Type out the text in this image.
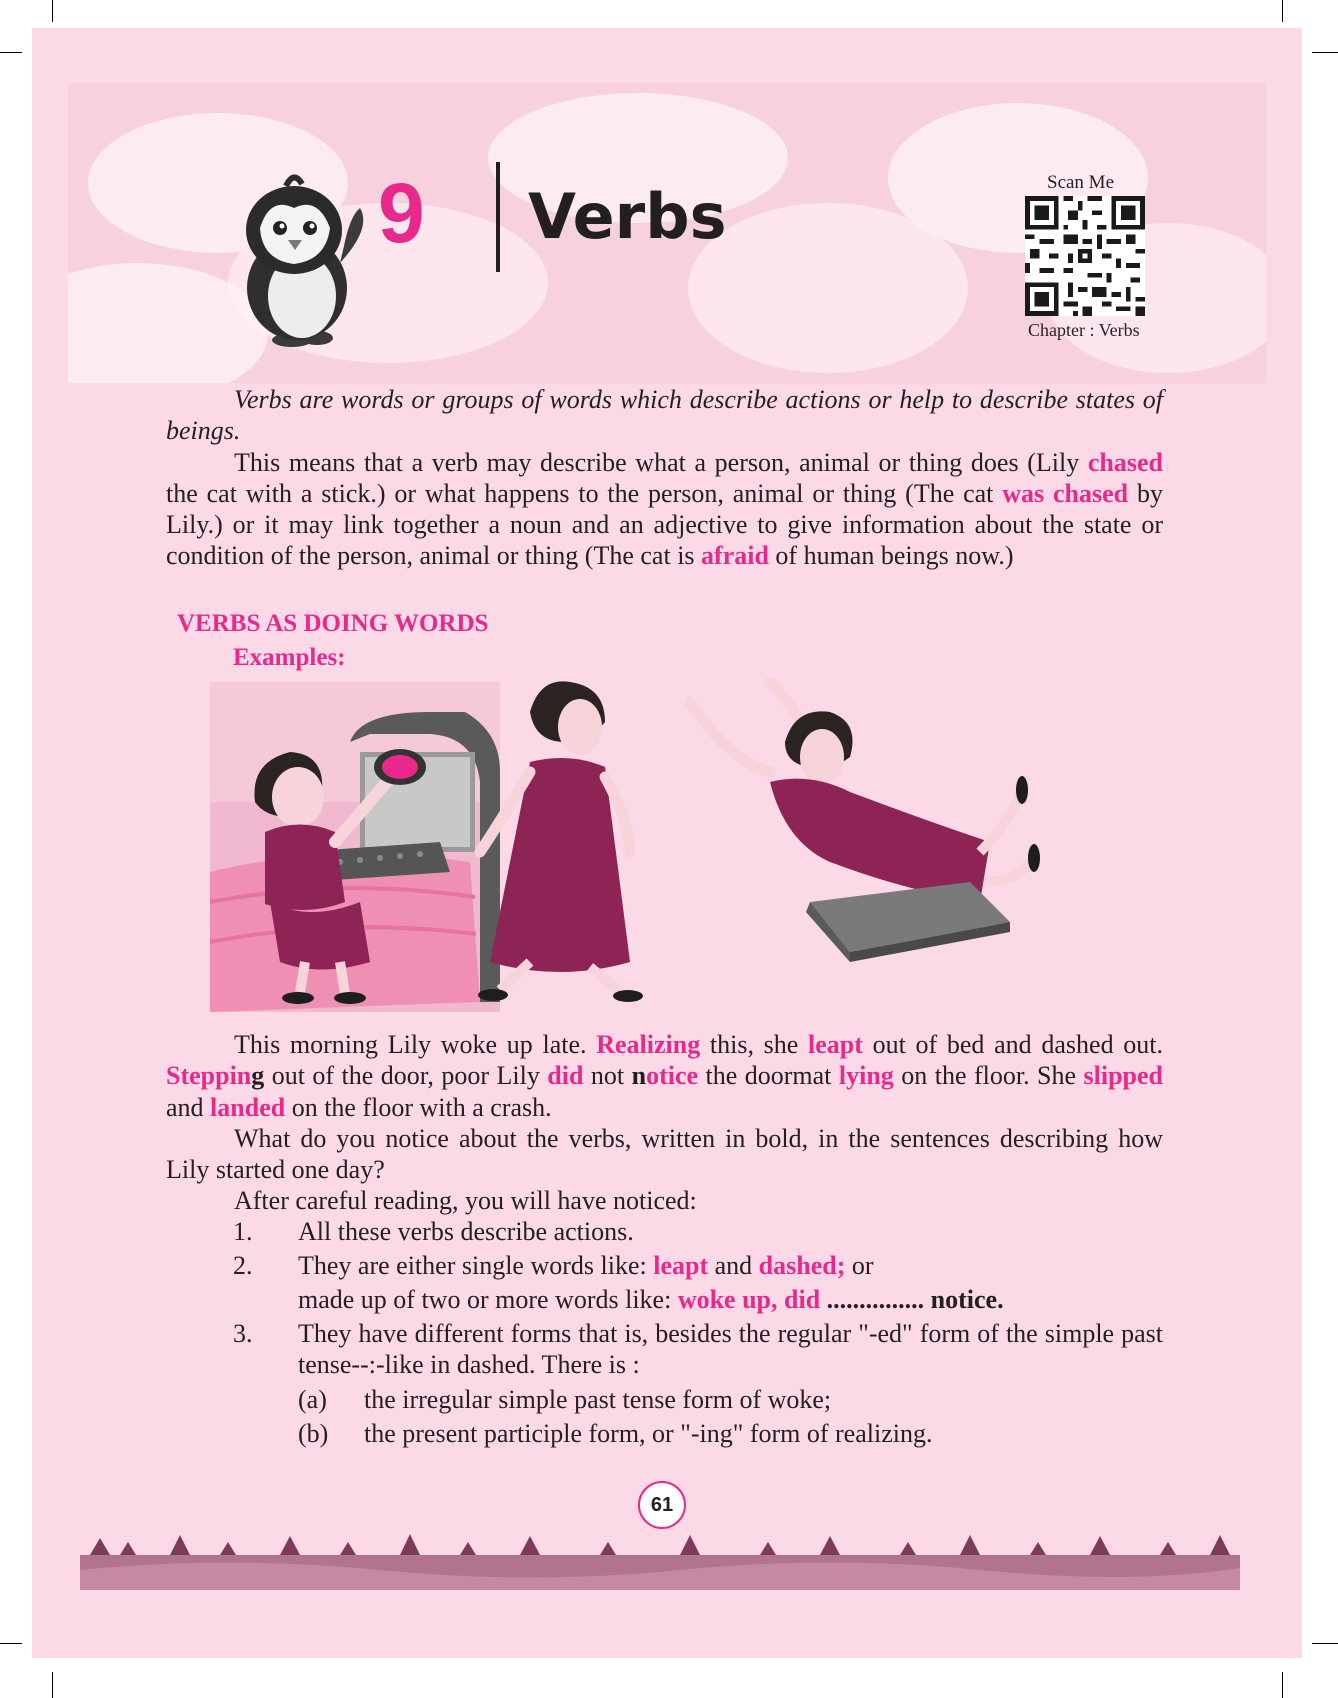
9 Verbs	Scan Me
Chapter : Verbs

Verbs are words or groups of words which describe actions or help to describe states of beings.

This means that a verb may describe what a person, animal or thing does (Lily chased the cat with a stick.) or what happens to the person, animal or thing (The cat was chased by Lily.) or it may link together a noun and an adjective to give information about the state or condition of the person, animal or thing (The cat is afraid of human beings now.)

VERBS AS DOING WORDS
Examples:

This morning Lily woke up late. Realizing this, she leapt out of bed and dashed out. Stepping out of the door, poor Lily did not notice the doormat lying on the floor. She slipped and landed on the floor with a crash.

What do you notice about the verbs, written in bold, in the sentences describing how Lily started one day?

After careful reading, you will have noticed:

1. All these verbs describe actions.
2. They are either single words like: leapt and dashed; or
made up of two or more words like: woke up, did ............... notice.
3. They have different forms that is, besides the regular "-ed" form of the simple past tense--:-like in dashed. There is :
(a) the irregular simple past tense form of woke;
(b) the present participle form, or "-ing" form of realizing.
61
